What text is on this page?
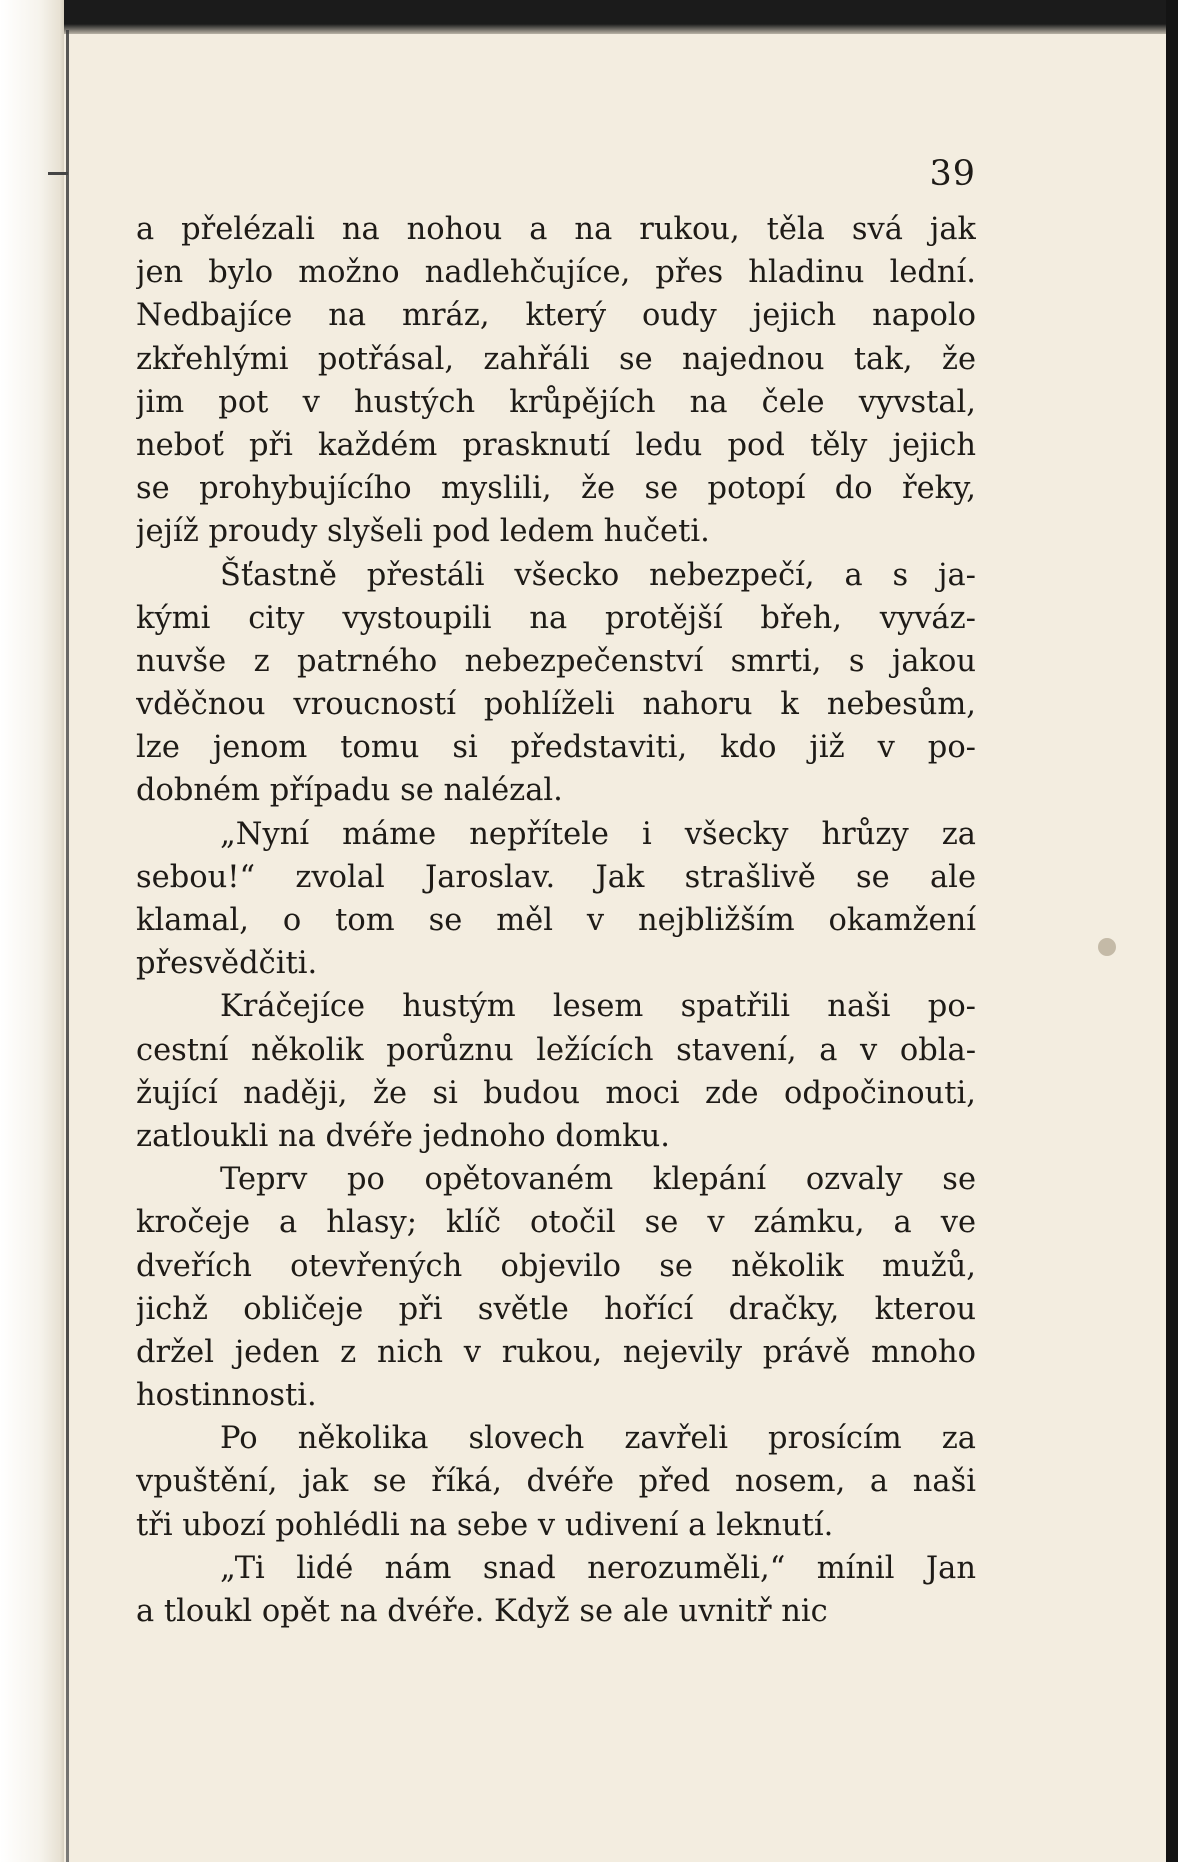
39

a přelézali na nohou a na rukou, těla svá jak
jen bylo možno nadlehčujíce, přes hladinu lední.
Nedbajíce na mráz, který oudy jejich napolo
zkřehlými potřásal, zahřáli se najednou tak, že
jim pot v hustých krůpějích na čele vyvstal,
neboť při každém prasknutí ledu pod těly jejich
se prohybujícího myslili, že se potopí do řeky,
jejíž proudy slyšeli pod ledem hučeti.

Šťastně přestáli všecko nebezpečí, a s ja-
kými city vystoupili na protější břeh, vyváz-
nuvše z patrného nebezpečenství smrti, s jakou
vděčnou vroucností pohlíželi nahoru k nebesům,
lze jenom tomu si představiti, kdo již v po-
dobném případu se nalézal.

„Nyní máme nepřítele i všecky hrůzy za
sebou!“ zvolal Jaroslav. Jak strašlivě se ale
klamal, o tom se měl v nejbližším okamžení
přesvědčiti.

Kráčejíce hustým lesem spatřili naši po-
cestní několik porůznu ležících stavení, a v obla-
žující naději, že si budou moci zde odpočinouti,
zatloukli na dvéře jednoho domku.

Teprv po opětovaném klepání ozvaly se
kročeje a hlasy; klíč otočil se v zámku, a ve
dveřích otevřených objevilo se několik mužů,
jichž obličeje při světle hořící dračky, kterou
držel jeden z nich v rukou, nejevily právě mnoho
hostinnosti.

Po několika slovech zavřeli prosícím za
vpuštění, jak se říká, dvéře před nosem, a naši
tři ubozí pohlédli na sebe v udivení a leknutí.

„Ti lidé nám snad nerozuměli,“ mínil Jan
a tloukl opět na dvéře. Když se ale uvnitř nic
